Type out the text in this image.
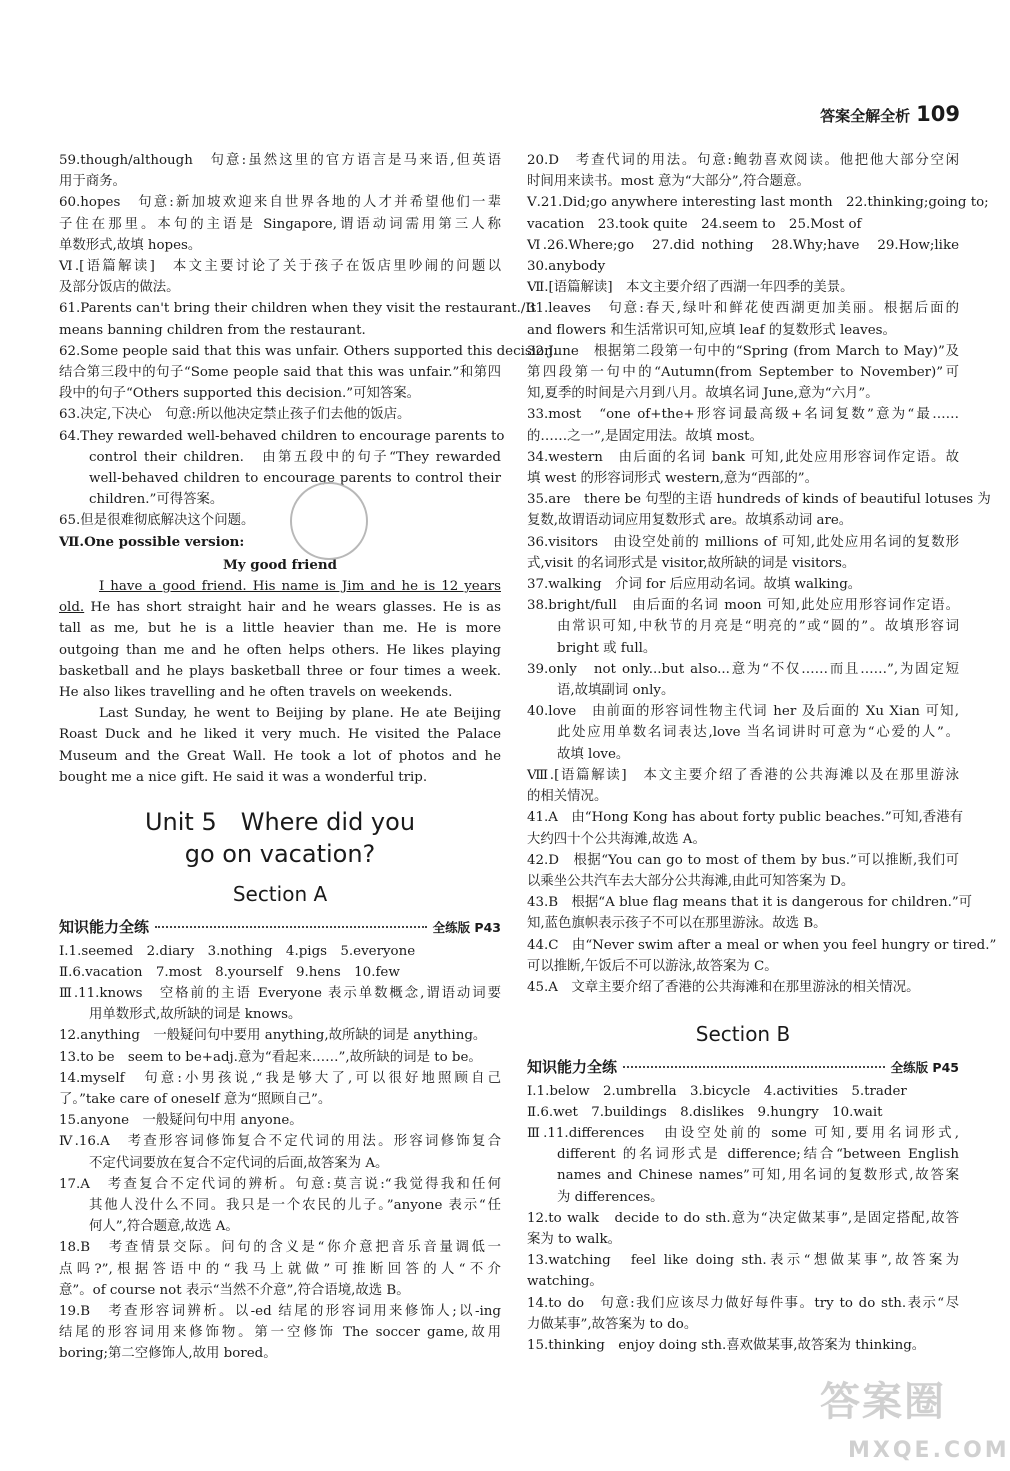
答案全解全析 109
59.though/although　句意:虽然这里的官方语言是马来语,但英语
用于商务。
60.hopes　句意:新加坡欢迎来自世界各地的人才并希望他们一辈
子住在那里。本句的主语是 Singapore,谓语动词需用第三人称
单数形式,故填 hopes。
Ⅵ.[语篇解读]　本文主要讨论了关于孩子在饭店里吵闹的问题以
及部分饭店的做法。
61.Parents can't bring their children when they visit the restaurant./It
means banning children from the restaurant.
62.Some people said that this was unfair. Others supported this decision.
结合第三段中的句子“Some people said that this was unfair.”和第四
段中的句子“Others supported this decision.”可知答案。
63.决定,下决心　句意:所以他决定禁止孩子们去他的饭店。
64.They rewarded well-behaved children to encourage parents to
control their children.　由第五段中的句子“They rewarded
well-behaved children to encourage parents to control their
children.”可得答案。
65.但是很难彻底解决这个问题。
Ⅶ.One possible version:
My good friend

I have a good friend. His name is Jim and he is 12 years old. He has short straight hair and he wears glasses. He is as tall as me, but he is a little heavier than me. He is more outgoing than me and he often helps others. He likes playing basketball and he plays basketball three or four times a week. He also likes travelling and he often travels on weekends.

Last Sunday, he went to Beijing by plane. He ate Beijing Roast Duck and he liked it very much. He visited the Palace Museum and the Great Wall. He took a lot of photos and he bought me a nice gift. He said it was a wonderful trip.

Unit 5　Where did you
go on vacation?
Section A
知识能力全练	全练版 P43
Ⅰ.1.seemed　2.diary　3.nothing　4.pigs　5.everyone
Ⅱ.6.vacation　7.most　8.yourself　9.hens　10.few
Ⅲ.11.knows　空格前的主语 Everyone 表示单数概念,谓语动词要
用单数形式,故所缺的词是 knows。
12.anything　一般疑问句中要用 anything,故所缺的词是 anything。
13.to be　seem to be+adj.意为“看起来……”,故所缺的词是 to be。
14.myself　句意:小男孩说,“我是够大了,可以很好地照顾自己
了。”take care of oneself 意为“照顾自己”。
15.anyone　一般疑问句中用 anyone。
Ⅳ.16.A　考查形容词修饰复合不定代词的用法。形容词修饰复合
不定代词要放在复合不定代词的后面,故答案为 A。
17.A　考查复合不定代词的辨析。句意:莫言说:“我觉得我和任何
其他人没什么不同。我只是一个农民的儿子。”anyone 表示“任
何人”,符合题意,故选 A。
18.B　考查情景交际。问句的含义是“你介意把音乐音量调低一
点吗?”,根据答语中的“我马上就做”可推断回答的人“不介
意”。of course not 表示“当然不介意”,符合语境,故选 B。
19.B　考查形容词辨析。以-ed 结尾的形容词用来修饰人;以-ing
结尾的形容词用来修饰物。第一空修饰 The soccer game,故用
boring;第二空修饰人,故用 bored。
20.D　考查代词的用法。句意:鲍勃喜欢阅读。他把他大部分空闲
时间用来读书。most 意为“大部分”,符合题意。
Ⅴ.21.Did;go anywhere interesting last month　22.thinking;going to;
vacation　23.took quite　24.seem to　25.Most of
Ⅵ.26.Where;go　27.did nothing　28.Why;have　29.How;like
30.anybody
Ⅶ.[语篇解读]　本文主要介绍了西湖一年四季的美景。
31.leaves　句意:春天,绿叶和鲜花使西湖更加美丽。根据后面的
and flowers 和生活常识可知,应填 leaf 的复数形式 leaves。
32.June　根据第二段第一句中的“Spring (from March to May)”及
第四段第一句中的“Autumn(from September to November)”可
知,夏季的时间是六月到八月。故填名词 June,意为“六月”。
33.most　“one of+the+形容词最高级+名词复数”意为“最……
的……之一”,是固定用法。故填 most。
34.western　由后面的名词 bank 可知,此处应用形容词作定语。故
填 west 的形容词形式 western,意为“西部的”。
35.are　there be 句型的主语 hundreds of kinds of beautiful lotuses 为
复数,故谓语动词应用复数形式 are。故填系动词 are。
36.visitors　由设空处前的 millions of 可知,此处应用名词的复数形
式,visit 的名词形式是 visitor,故所缺的词是 visitors。
37.walking　介词 for 后应用动名词。故填 walking。
38.bright/full　由后面的名词 moon 可知,此处应用形容词作定语。
由常识可知,中秋节的月亮是“明亮的”或“圆的”。故填形容词
bright 或 full。
39.only　not only...but also...意为“不仅……而且……”,为固定短
语,故填副词 only。
40.love　由前面的形容词性物主代词 her 及后面的 Xu Xian 可知,
此处应用单数名词表达,love 当名词讲时可意为“心爱的人”。
故填 love。
Ⅷ.[语篇解读]　本文主要介绍了香港的公共海滩以及在那里游泳
的相关情况。
41.A　由“Hong Kong has about forty public beaches.”可知,香港有
大约四十个公共海滩,故选 A。
42.D　根据“You can go to most of them by bus.”可以推断,我们可
以乘坐公共汽车去大部分公共海滩,由此可知答案为 D。
43.B　根据“A blue flag means that it is dangerous for children.”可
知,蓝色旗帜表示孩子不可以在那里游泳。故选 B。
44.C　由“Never swim after a meal or when you feel hungry or tired.”
可以推断,午饭后不可以游泳,故答案为 C。
45.A　文章主要介绍了香港的公共海滩和在那里游泳的相关情况。
Section B
知识能力全练	全练版 P45
Ⅰ.1.below　2.umbrella　3.bicycle　4.activities　5.trader
Ⅱ.6.wet　7.buildings　8.dislikes　9.hungry　10.wait
Ⅲ.11.differences　由设空处前的 some 可知,要用名词形式,
different 的名词形式是 difference;结合“between English
names and Chinese names”可知,用名词的复数形式,故答案
为 differences。
12.to walk　decide to do sth.意为“决定做某事”,是固定搭配,故答
案为 to walk。
13.watching　feel like doing sth.表示“想做某事”,故答案为
watching。
14.to do　句意:我们应该尽力做好每件事。try to do sth.表示“尽
力做某事”,故答案为 to do。
15.thinking　enjoy doing sth.喜欢做某事,故答案为 thinking。
答案圈
MXQE.COM
